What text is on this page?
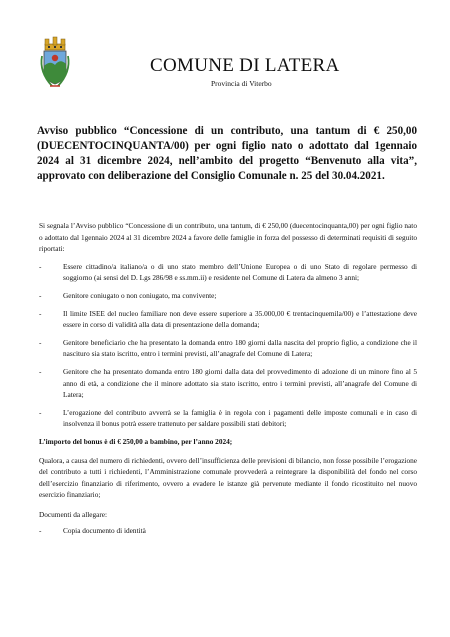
COMUNE DI LATERA
Provincia di Viterbo
Avviso pubblico “Concessione di un contributo, una tantum di € 250,00 (DUECENTOCINQUANTA/00) per ogni figlio nato o adottato dal 1gennaio 2024 al 31 dicembre 2024, nell’ambito del progetto “Benvenuto alla vita”, approvato con deliberazione del Consiglio Comunale n. 25 del 30.04.2021.

Si segnala l’Avviso pubblico “Concessione di un contributo, una tantum, di € 250,00 (duecentocinquanta,00) per ogni figlio nato o adottato dal 1gennaio 2024 al 31 dicembre 2024 a favore delle famiglie in forza del possesso di determinati requisiti di seguito riportati:

-	Essere cittadino/a italiano/a o di uno stato membro dell’Unione Europea o di uno Stato di regolare permesso di soggiorno (ai sensi del D. Lgs 286/98 e ss.mm.ii) e residente nel Comune di Latera da almeno 3 anni;
-	Genitore coniugato o non coniugato, ma convivente;
-	Il limite ISEE del nucleo familiare non deve essere superiore a 35.000,00 € trentacinquemila/00) e l’attestazione deve essere in corso di validità alla data di presentazione della domanda;
-	Genitore beneficiario che ha presentato la domanda entro 180 giorni dalla nascita del proprio figlio, a condizione che il nascituro sia stato iscritto, entro i termini previsti, all’anagrafe del Comune di Latera;
-	Genitore che ha presentato domanda entro 180 giorni dalla data del provvedimento di adozione di un minore fino al 5 anno di età, a condizione che il minore adottato sia stato iscritto, entro i termini previsti, all’anagrafe del Comune di Latera;
-	L’erogazione del contributo avverrà se la famiglia è in regola con i pagamenti delle imposte comunali e in caso di insolvenza il bonus potrà essere trattenuto per saldare possibili stati debitori;

L’importo del bonus è di € 250,00 a bambino, per l’anno 2024;

Qualora, a causa del numero di richiedenti, ovvero dell’insufficienza delle previsioni di bilancio, non fosse possibile l’erogazione del contributo a tutti i richiedenti, l’Amministrazione comunale provvederà a reintegrare la disponibilità del fondo nel corso dell’esercizio finanziario di riferimento, ovvero a evadere le istanze già pervenute mediante il fondo ricostituito nel nuovo esercizio finanziario;

Documenti da allegare:

-	Copia documento di identità
